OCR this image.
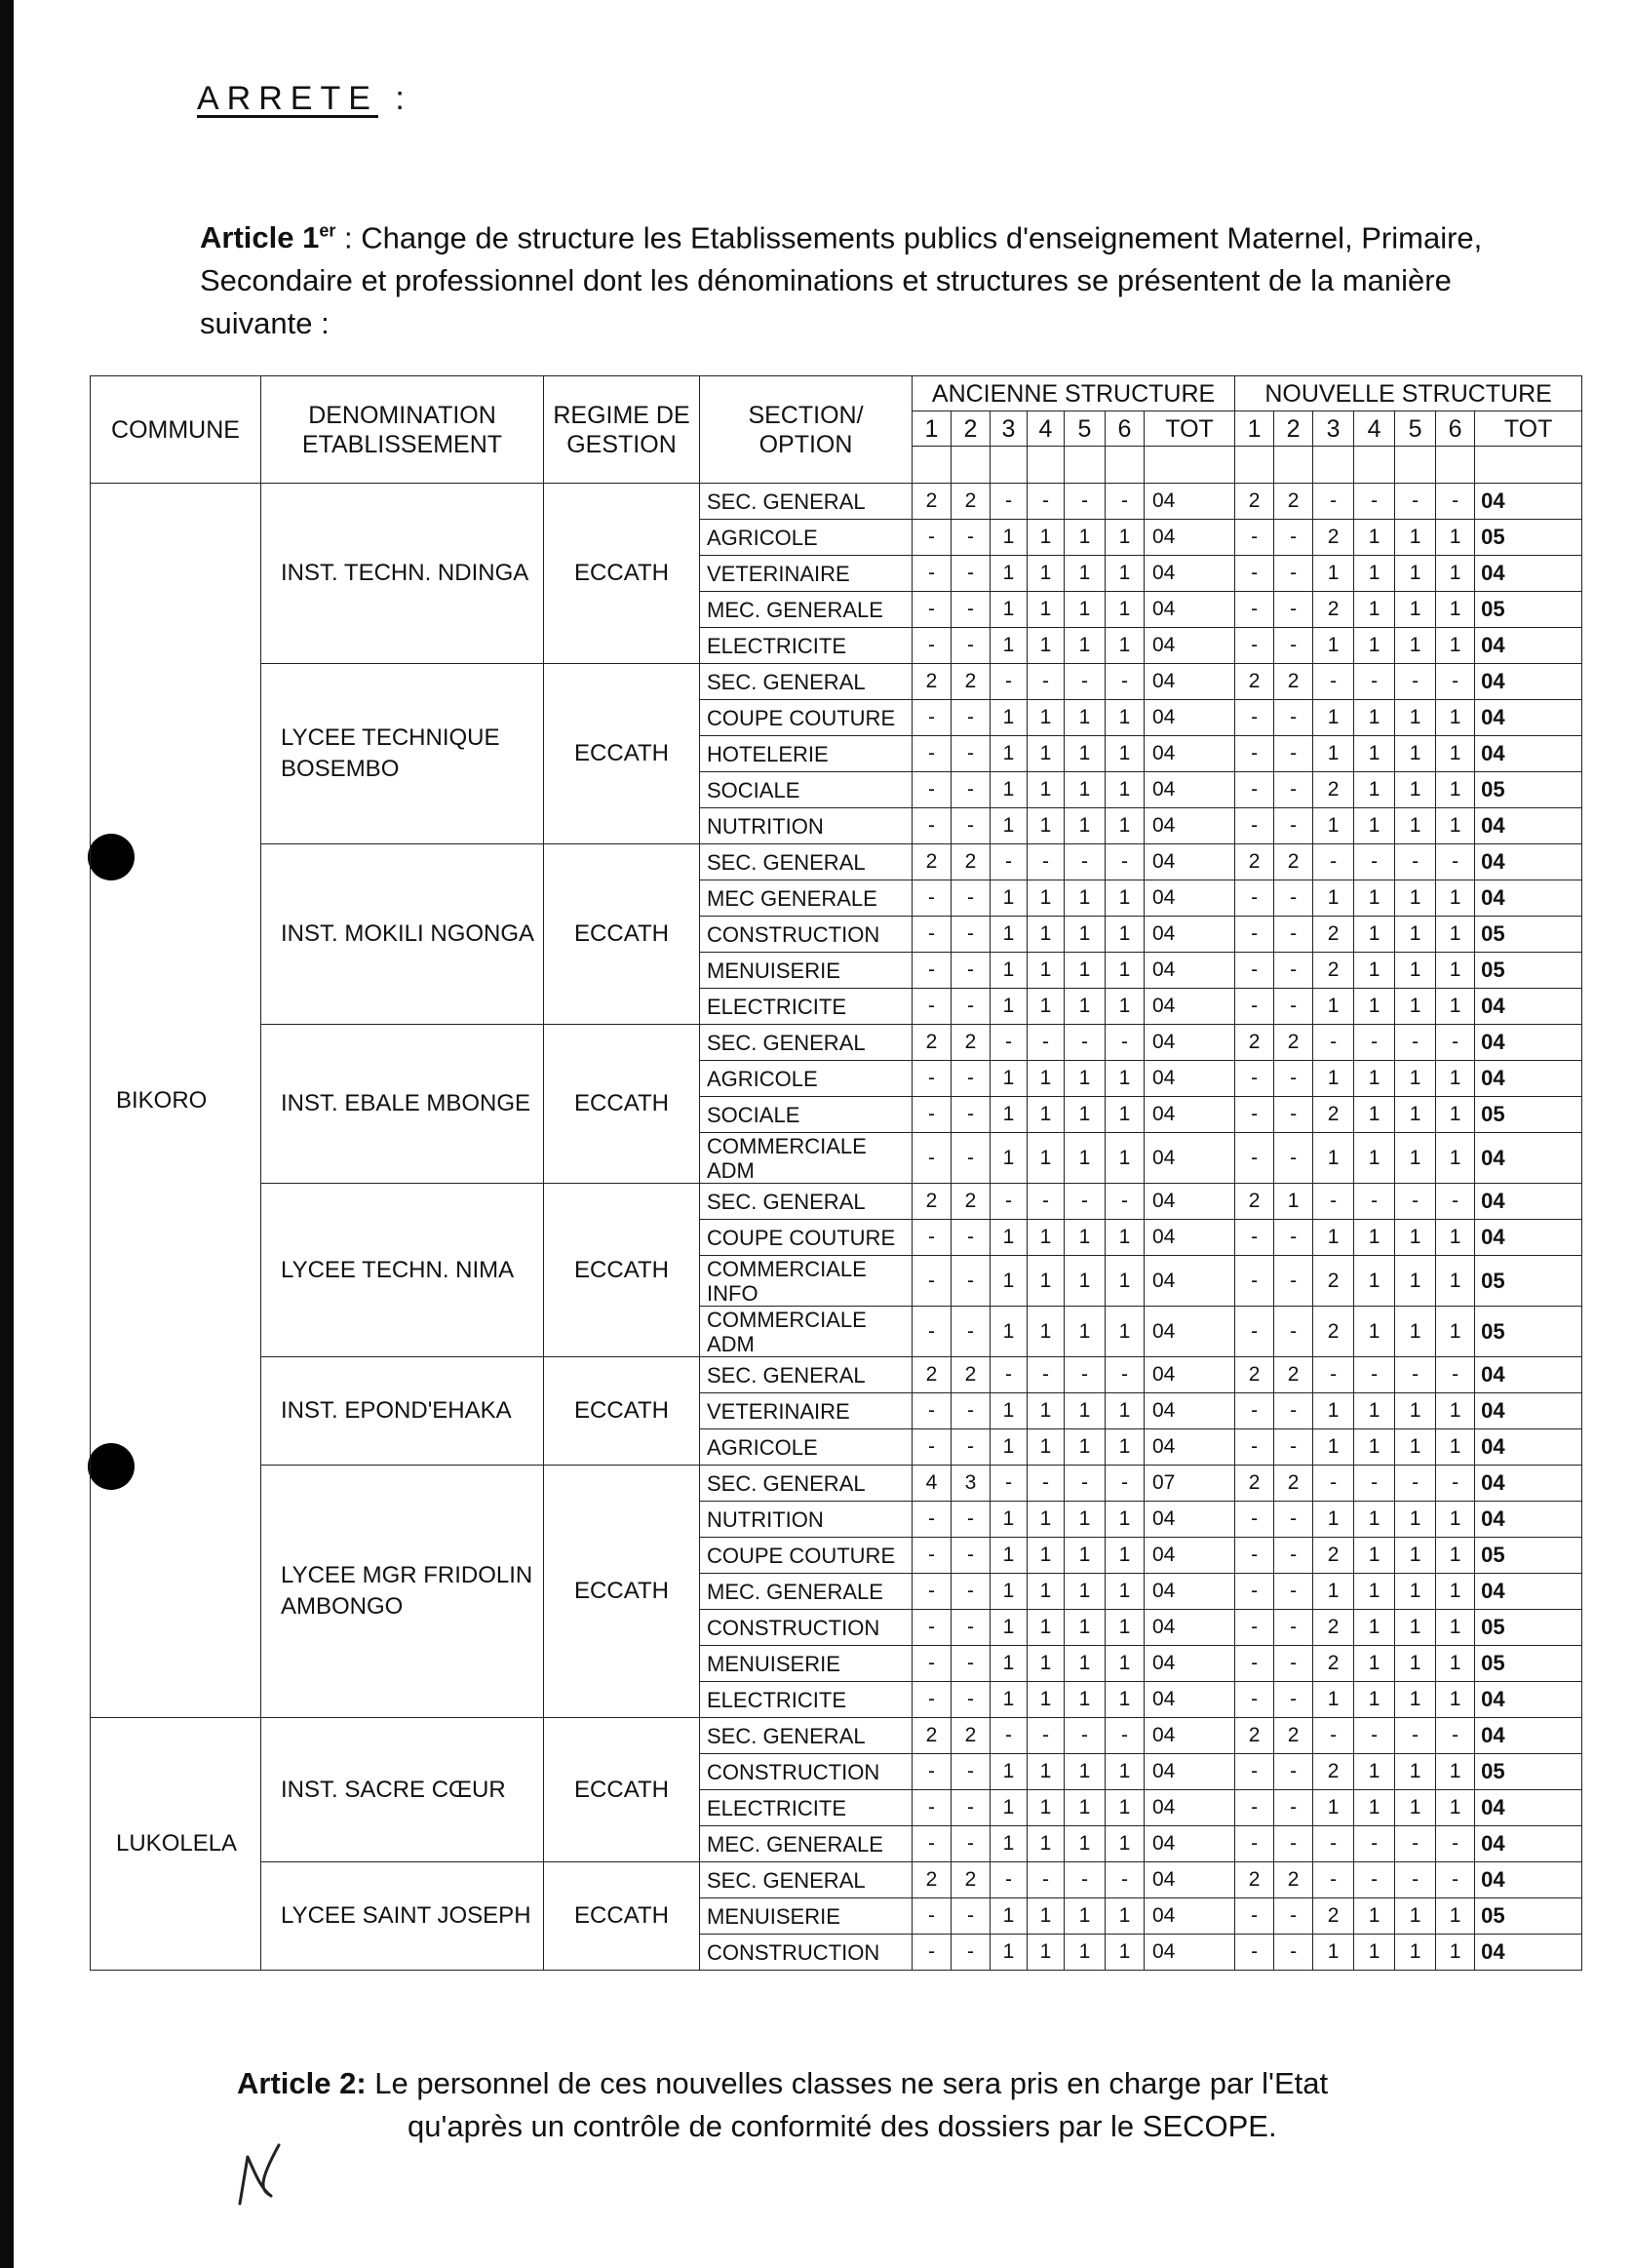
ARRETE :
Article 1er : Change de structure les Etablissements publics d'enseignement Maternel, Primaire, Secondaire et professionnel dont les dénominations et structures se présentent de la manière suivante :
COMMUNE	DENOMINATION ETABLISSEMENT	REGIME DE GESTION	SECTION/ OPTION	ANCIENNE STRUCTURE							NOUVELLE STRUCTURE						
				1	2	3	4	5	6	TOT	1	2	3	4	5	6	TOT

BIKORO	INST. TECHN. NDINGA	ECCATH	SEC. GENERAL	2	2	-	-	-	-	04	2	2	-	-	-	-	04
			AGRICOLE	-	-	1	1	1	1	04	-	-	2	1	1	1	05
			VETERINAIRE	-	-	1	1	1	1	04	-	-	1	1	1	1	04
			MEC. GENERALE	-	-	1	1	1	1	04	-	-	2	1	1	1	05
			ELECTRICITE	-	-	1	1	1	1	04	-	-	1	1	1	1	04
	LYCEE TECHNIQUE BOSEMBO	ECCATH	SEC. GENERAL	2	2	-	-	-	-	04	2	2	-	-	-	-	04
			COUPE COUTURE	-	-	1	1	1	1	04	-	-	1	1	1	1	04
			HOTELERIE	-	-	1	1	1	1	04	-	-	1	1	1	1	04
			SOCIALE	-	-	1	1	1	1	04	-	-	2	1	1	1	05
			NUTRITION	-	-	1	1	1	1	04	-	-	1	1	1	1	04
	INST. MOKILI NGONGA	ECCATH	SEC. GENERAL	2	2	-	-	-	-	04	2	2	-	-	-	-	04
			MEC GENERALE	-	-	1	1	1	1	04	-	-	1	1	1	1	04
			CONSTRUCTION	-	-	1	1	1	1	04	-	-	2	1	1	1	05
			MENUISERIE	-	-	1	1	1	1	04	-	-	2	1	1	1	05
			ELECTRICITE	-	-	1	1	1	1	04	-	-	1	1	1	1	04
	INST. EBALE MBONGE	ECCATH	SEC. GENERAL	2	2	-	-	-	-	04	2	2	-	-	-	-	04
			AGRICOLE	-	-	1	1	1	1	04	-	-	1	1	1	1	04
			SOCIALE	-	-	1	1	1	1	04	-	-	2	1	1	1	05
			COMMERCIALE ADM	-	-	1	1	1	1	04	-	-	1	1	1	1	04
	LYCEE TECHN. NIMA	ECCATH	SEC. GENERAL	2	2	-	-	-	-	04	2	1	-	-	-	-	04
			COUPE COUTURE	-	-	1	1	1	1	04	-	-	1	1	1	1	04
			COMMERCIALE INFO	-	-	1	1	1	1	04	-	-	2	1	1	1	05
			COMMERCIALE ADM	-	-	1	1	1	1	04	-	-	2	1	1	1	05
	INST. EPOND'EHAKA	ECCATH	SEC. GENERAL	2	2	-	-	-	-	04	2	2	-	-	-	-	04
			VETERINAIRE	-	-	1	1	1	1	04	-	-	1	1	1	1	04
			AGRICOLE	-	-	1	1	1	1	04	-	-	1	1	1	1	04
	LYCEE MGR FRIDOLIN AMBONGO	ECCATH	SEC. GENERAL	4	3	-	-	-	-	07	2	2	-	-	-	-	04
			NUTRITION	-	-	1	1	1	1	04	-	-	1	1	1	1	04
			COUPE COUTURE	-	-	1	1	1	1	04	-	-	2	1	1	1	05
			MEC. GENERALE	-	-	1	1	1	1	04	-	-	1	1	1	1	04
			CONSTRUCTION	-	-	1	1	1	1	04	-	-	2	1	1	1	05
			MENUISERIE	-	-	1	1	1	1	04	-	-	2	1	1	1	05
			ELECTRICITE	-	-	1	1	1	1	04	-	-	1	1	1	1	04
LUKOLELA	INST. SACRE CŒUR	ECCATH	SEC. GENERAL	2	2	-	-	-	-	04	2	2	-	-	-	-	04
			CONSTRUCTION	-	-	1	1	1	1	04	-	-	2	1	1	1	05
			ELECTRICITE	-	-	1	1	1	1	04	-	-	1	1	1	1	04
			MEC. GENERALE	-	-	1	1	1	1	04	-	-	-	-	-	-	04
	LYCEE SAINT JOSEPH	ECCATH	SEC. GENERAL	2	2	-	-	-	-	04	2	2	-	-	-	-	04
			MENUISERIE	-	-	1	1	1	1	04	-	-	2	1	1	1	05
			CONSTRUCTION	-	-	1	1	1	1	04	-	-	1	1	1	1	04
Article 2: Le personnel de ces nouvelles classes ne sera pris en charge par l'Etat
qu'après un contrôle de conformité des dossiers par le SECOPE.
